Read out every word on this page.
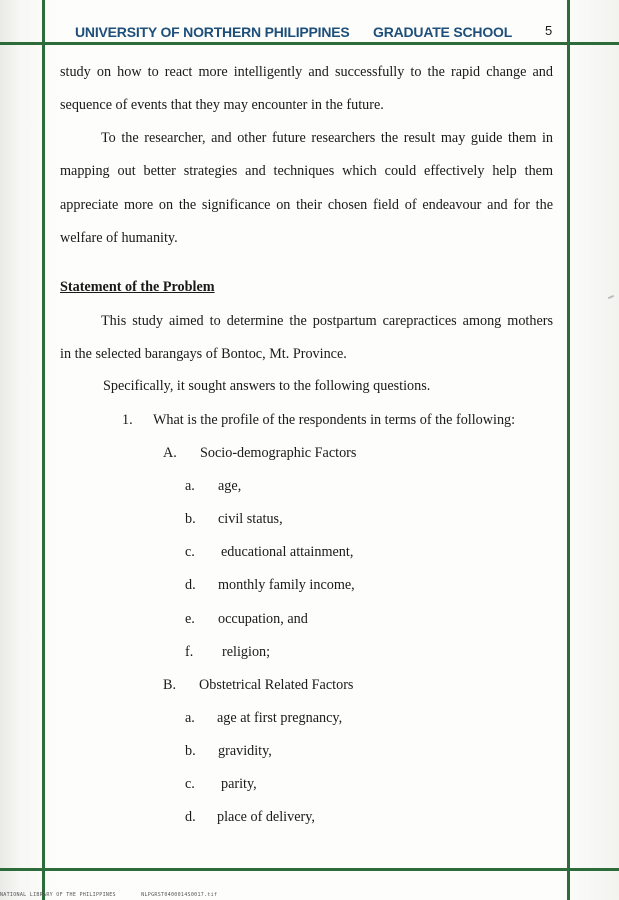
UNIVERSITY OF NORTHERN PHILIPPINES GRADUATE SCHOOL	5
study on how to react more intelligently and successfully to the rapid change and
sequence of events that they may encounter in the future.
To the researcher, and other future researchers the result may guide them in
mapping out better strategies and techniques which could effectively help them
appreciate more on the significance on their chosen field of endeavour and for the
welfare of humanity.
Statement of the Problem
This study aimed to determine the postpartum carepractices among mothers
in the selected barangays of Bontoc, Mt. Province.
Specifically, it sought answers to the following questions.
1. What is the profile of the respondents in terms of the following:
A. Socio-demographic Factors
a. age,
b. civil status,
c. educational attainment,
d. monthly family income,
e. occupation, and
f. religion;
B. Obstetrical Related Factors
a. age at first pregnancy,
b. gravidity,
c. parity,
d. place of delivery,
NATIONAL LIBRARY OF THE PHILIPPINES	NLPGRST0400014S0017.tif
